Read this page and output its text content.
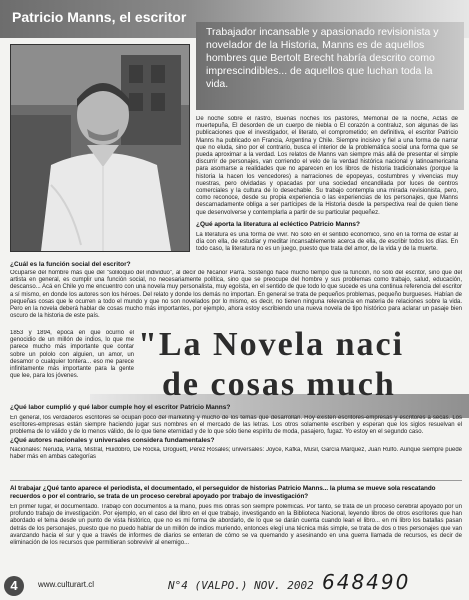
Patricio Manns, el escritor
Trabajador incansable y apasionado revisionista y novelador de la Historia, Manns es de aquellos hombres que Bertolt Brecht habría descrito como imprescindibles... de aquellos que luchan toda la vida.
De noche sobre el rastro, Buenas noches los pastores, Memorial de la noche, Actas de muertepuña, El desorden de un cuerpo de niebla o El corazón a contraluz, son algunas de las publicaciones que el investigador, el literato, el comprometido; en definitiva, el escritor Patricio Manns ha publicado en Francia, Argentina y Chile. Siempre incisivo y fiel a una forma de narrar que no eluda, sino por el contrario, busca el interior de la problemática social una forma que se pueda aproximar a la verdad. Los relatos de Manns van siempre más allá de presentar el simple discurrir de personajes, van corriendo el velo de la verdad histórica nacional y latinoamericana para asomarse a realidades que no aparecen en los libros de historia tradicionales (porque la historia la hacen los vencedores) a narraciones de epopeyas, costumbres y vivencias muy nuestras, pero olvidadas y opacadas por una sociedad encandilada por luces de centros comerciales y la cultura de lo desechable. Su trabajo contempla una mirada revisionista, pero, como reconoce, desde su propia experiencia o las experiencias de los personajes, que Manns descarnadamente obliga a ser partícipes de la Historia desde la perspectiva real de quien tiene que desenvolverse y contemplarla a partir de su particular pequeñez.
¿Qué aporta la literatura al ecléctico Patricio Manns?
La literatura es una forma de vivir. No sólo en el sentido económico, sino en la forma de estar al día con ella, de estudiar y meditar incansablemente acerca de ella, de escribir todos los días. En todo caso, la literatura no es un juego, puesto que trata del amor, de la vida y de la muerte.
¿Cuál es la función social del escritor?
Ocuparse del hombre más que del "soliloquio del individuo", al decir de Nicanor Parra. Sostengo hace mucho tiempo que la función, no sólo del escritor, sino que del artista en general, es cumplir una función social, no necesariamente política, sino que se preocupe del hombre y sus problemas como trabajo, salud, educación, descanso... Acá en Chile yo me encuentro con una novela muy personalista, muy egoísta, en el sentido de que todo lo que sucede es una continua referencia del escritor a sí mismo, en donde los autores son los héroes. Del relato y donde los demás no importan. En general se trata de pequeños problemas, pequeño burgueses. Habían de pequeñas cosas que le ocurren a todo el mundo y que no son novelados por lo mismo, es decir, no tienen ninguna relevancia en materia de relaciones sobre la vida. Pero en la novela deberá hablar de cosas mucho más importantes, por ejemplo, ahora estoy escribiendo una nueva novela de tipo histórico para aclarar un pasaje bien oscuro de la historia de este país.
1853 y 1894, época en que ocurrió el genocidio de un millón de indios, lo que me parece mucho más importante que contar sobre un pololo con alguien, un amor, un desamor o cualquier tontera... eso me parece infinitamente más importante para la gente que lee, para los jóvenes.
"La Novela naci
de cosas much
¿Qué labor cumplió y qué labor cumple hoy el escritor Patricio Manns?
En general, los verdaderos escritores se ocupan poco del marketing y mucho de los temas que desarrollan. Hoy existen escritores-empresas y escritores a secas. Los escritores-empresas están siempre haciendo jugar sus nombres en el mercado de las letras. Los otros solamente escriben y esperan que los siglos resuelvan el problema de lo válido y de lo menos válido, de lo que tiene eternidad y de lo que sólo tiene espíritu de moda, pasajero, fugaz. Yo estoy en el segundo caso.
¿Qué autores nacionales y universales considera fundamentales?
Nacionales: Neruda, Parra, Mistral, Huidobro, De Rocka, Droguett, Pérez Rosales; universales: Joyce, Kafka, Musil, García Márquez, Juan Rulfo. Aunque siempre puede haber más en ambas categorías
Al trabajar ¿Qué tanto aparece el periodista, el documentado, el perseguidor de historias Patricio Manns... la pluma se mueve sola rescatando recuerdos o por el contrario, se trata de un proceso cerebral apoyado por trabajo de investigación?
En primer lugar, el documentado. Trabajo con documentos a la mano, pues mis obras son siempre polémicas. Por tanto, se trata de un proceso cerebral apoyado por un profundo trabajo de investigación. Por ejemplo, en el caso del libro en el que trabajo, investigando en la Biblioteca Nacional, leyendo libros de otros escritores que han abordado el tema desde un punto de vista histórico, que no es mi forma de abordarlo, de lo que se darán cuenta cuando lean el libro... en mi libro los batallas pasan detrás de los personajes, puesto que no puedo hablar de un millón de indios muriendo, entonces elegí una técnica más simple, se trata de dos o tres personajes que van avanzando hacia el sur y que a través de informes de diarios se enteran de cómo se va quemando y asesinando en una guerra llamada de recursos, es decir de eliminación de los recursos que permitieran sobrevivir al enemigo...
4	www.culturart.cl	N°4 (VALPO.) NOV. 2002 648490
